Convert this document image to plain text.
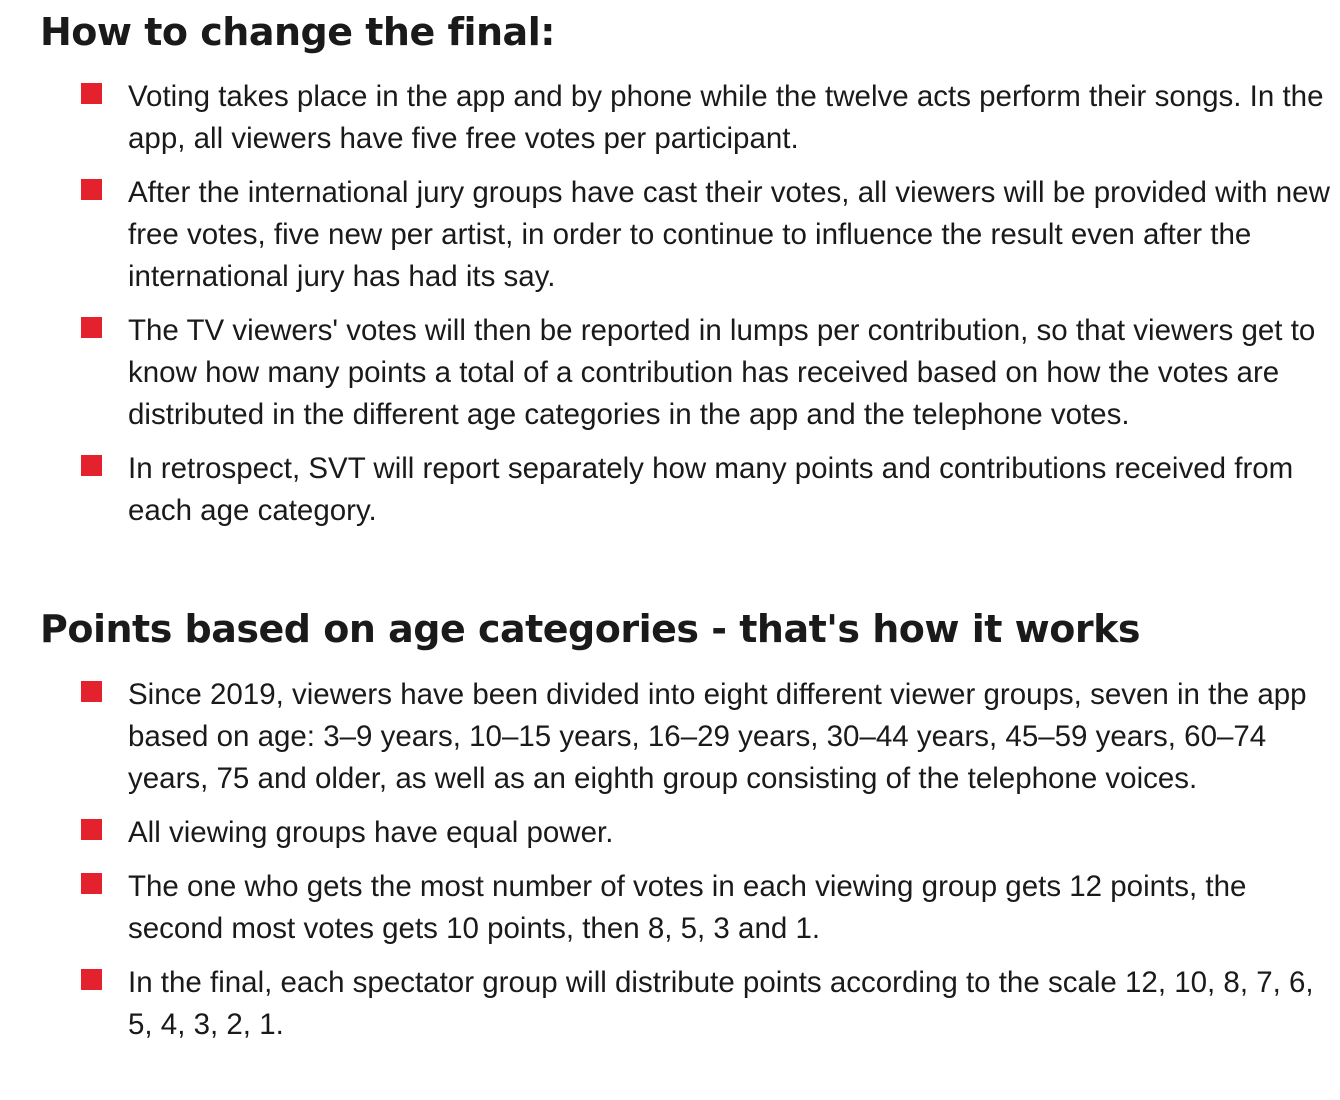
How to change the final:
Voting takes place in the app and by phone while the twelve acts perform their songs. In the app, all viewers have five free votes per participant.
After the international jury groups have cast their votes, all viewers will be provided with new free votes, five new per artist, in order to continue to influence the result even after the international jury has had its say.
The TV viewers' votes will then be reported in lumps per contribution, so that viewers get to know how many points a total of a contribution has received based on how the votes are distributed in the different age categories in the app and the telephone votes.
In retrospect, SVT will report separately how many points and contributions received from each age category.
Points based on age categories - that's how it works
Since 2019, viewers have been divided into eight different viewer groups, seven in the app based on age: 3–9 years, 10–15 years, 16–29 years, 30–44 years, 45–59 years, 60–74 years, 75 and older, as well as an eighth group consisting of the telephone voices.
All viewing groups have equal power.
The one who gets the most number of votes in each viewing group gets 12 points, the second most votes gets 10 points, then 8, 5, 3 and 1.
In the final, each spectator group will distribute points according to the scale 12, 10, 8, 7, 6, 5, 4, 3, 2, 1.
